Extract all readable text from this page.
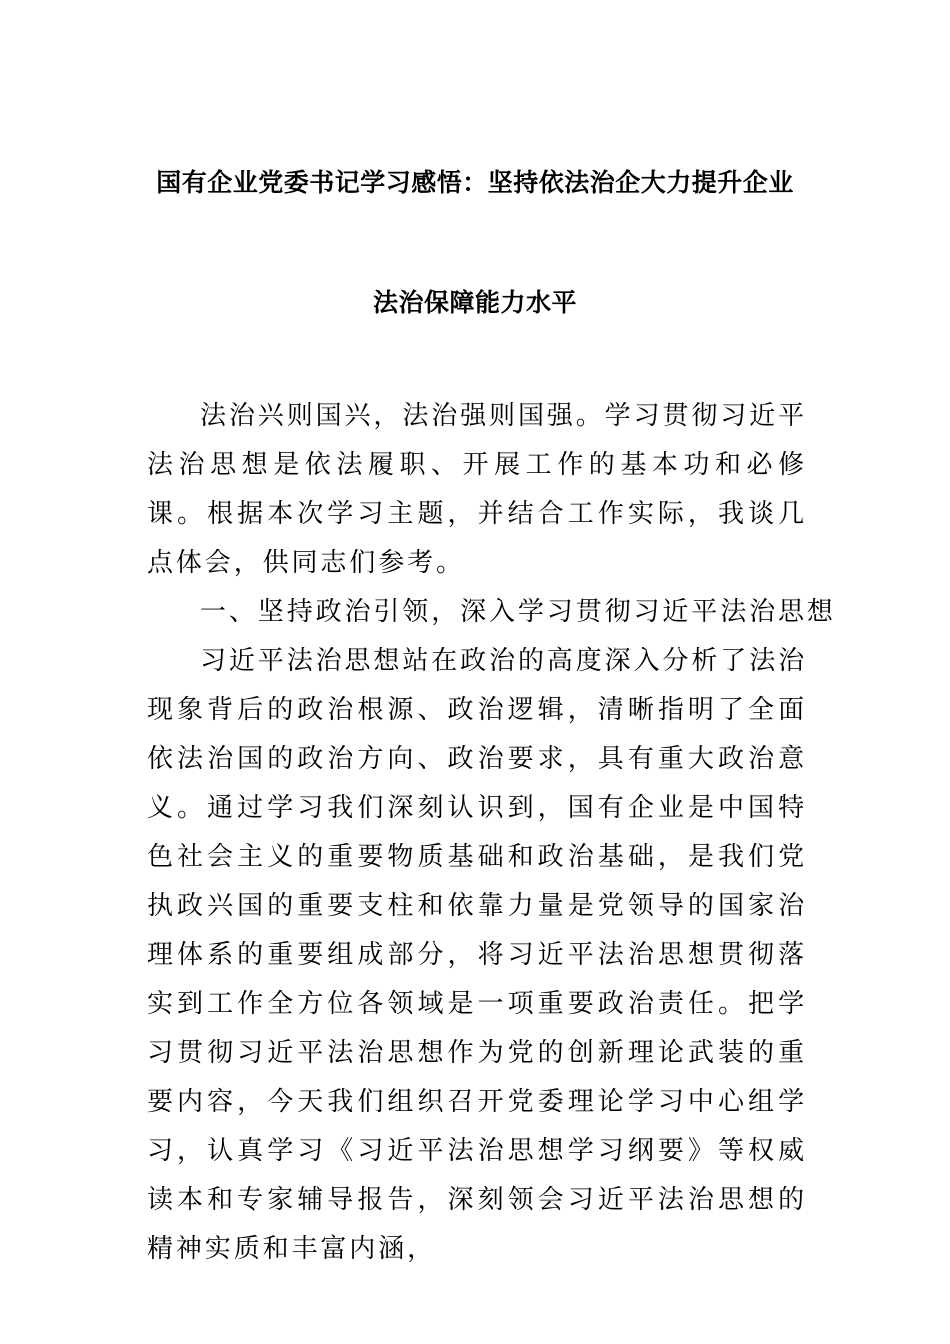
国有企业党委书记学习感悟：坚持依法治企大力提升企业
法治保障能力水平

法治兴则国兴，法治强则国强。学习贯彻习近平法治思想是依法履职、开展工作的基本功和必修课。根据本次学习主题，并结合工作实际，我谈几点体会，供同志们参考。

一、坚持政治引领，深入学习贯彻习近平法治思想

习近平法治思想站在政治的高度深入分析了法治现象背后的政治根源、政治逻辑，清晰指明了全面依法治国的政治方向、政治要求，具有重大政治意义。通过学习我们深刻认识到，国有企业是中国特色社会主义的重要物质基础和政治基础，是我们党执政兴国的重要支柱和依靠力量是党领导的国家治理体系的重要组成部分，将习近平法治思想贯彻落实到工作全方位各领域是一项重要政治责任。把学习贯彻习近平法治思想作为党的创新理论武装的重要内容，今天我们组织召开党委理论学习中心组学习，认真学习《习近平法治思想学习纲要》等权威读本和专家辅导报告，深刻领会习近平法治思想的精神实质和丰富内涵，
